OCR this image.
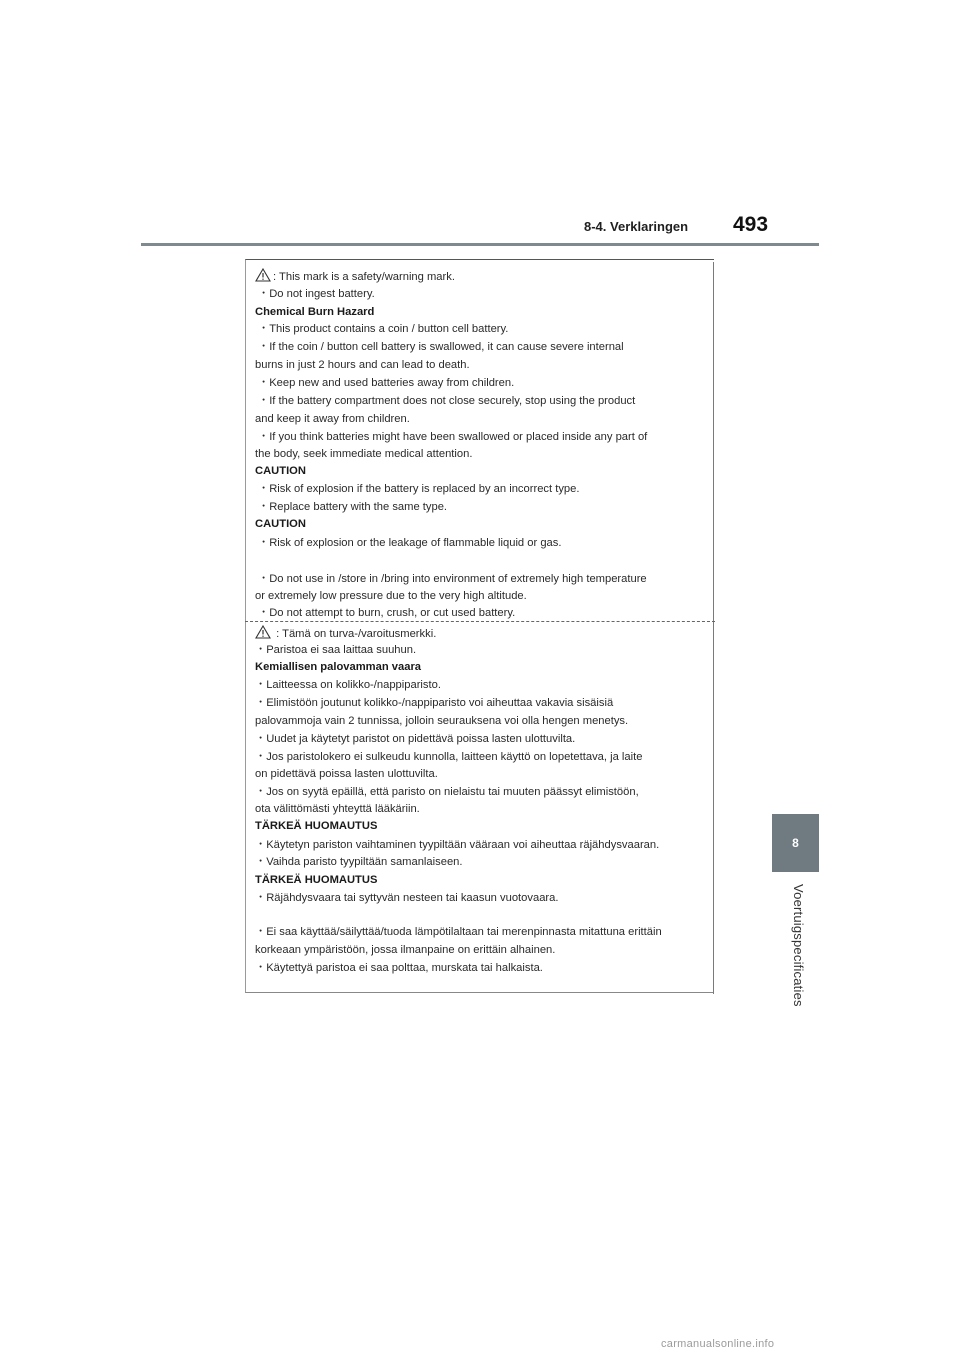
8-4. Verklaringen 493
8
Voertuigspecificaties
: This mark is a safety/warning mark.
・Do not ingest battery.
Chemical Burn Hazard
・This product contains a coin / button cell battery.
・If the coin / button cell battery is swallowed, it can cause severe internal
burns in just 2 hours and can lead to death.
・Keep new and used batteries away from children.
・If the battery compartment does not close securely, stop using the product
and keep it away from children.
・If you think batteries might have been swallowed or placed inside any part of
the body, seek immediate medical attention.
CAUTION
・Risk of explosion if the battery is replaced by an incorrect type.
・Replace battery with the same type.
CAUTION
・Risk of explosion or the leakage of flammable liquid or gas.
・Do not use in /store in /bring into environment of extremely high temperature
or extremely low pressure due to the very high altitude.
・Do not attempt to burn, crush, or cut used battery.
: Tämä on turva-/varoitusmerkki.
・Paristoa ei saa laittaa suuhun.
Kemiallisen palovamman vaara
・Laitteessa on kolikko-/nappiparisto.
・Elimistöön joutunut kolikko-/nappiparisto voi aiheuttaa vakavia sisäisiä
palovammoja vain 2 tunnissa, jolloin seurauksena voi olla hengen menetys.
・Uudet ja käytetyt paristot on pidettävä poissa lasten ulottuvilta.
・Jos paristolokero ei sulkeudu kunnolla, laitteen käyttö on lopetettava, ja laite
on pidettävä poissa lasten ulottuvilta.
・Jos on syytä epäillä, että paristo on nielaistu tai muuten päässyt elimistöön,
ota välittömästi yhteyttä lääkäriin.
TÄRKEÄ HUOMAUTUS
・Käytetyn pariston vaihtaminen tyypiltään vääraan voi aiheuttaa räjähdysvaaran.
・Vaihda paristo tyypiltään samanlaiseen.
TÄRKEÄ HUOMAUTUS
・Räjähdysvaara tai syttyvän nesteen tai kaasun vuotovaara.
・Ei saa käyttää/säilyttää/tuoda lämpötilaltaan tai merenpinnasta mitattuna erittäin
korkeaan ympäristöön, jossa ilmanpaine on erittäin alhainen.
・Käytettyä paristoa ei saa polttaa, murskata tai halkaista.
carmanualsonline.info
